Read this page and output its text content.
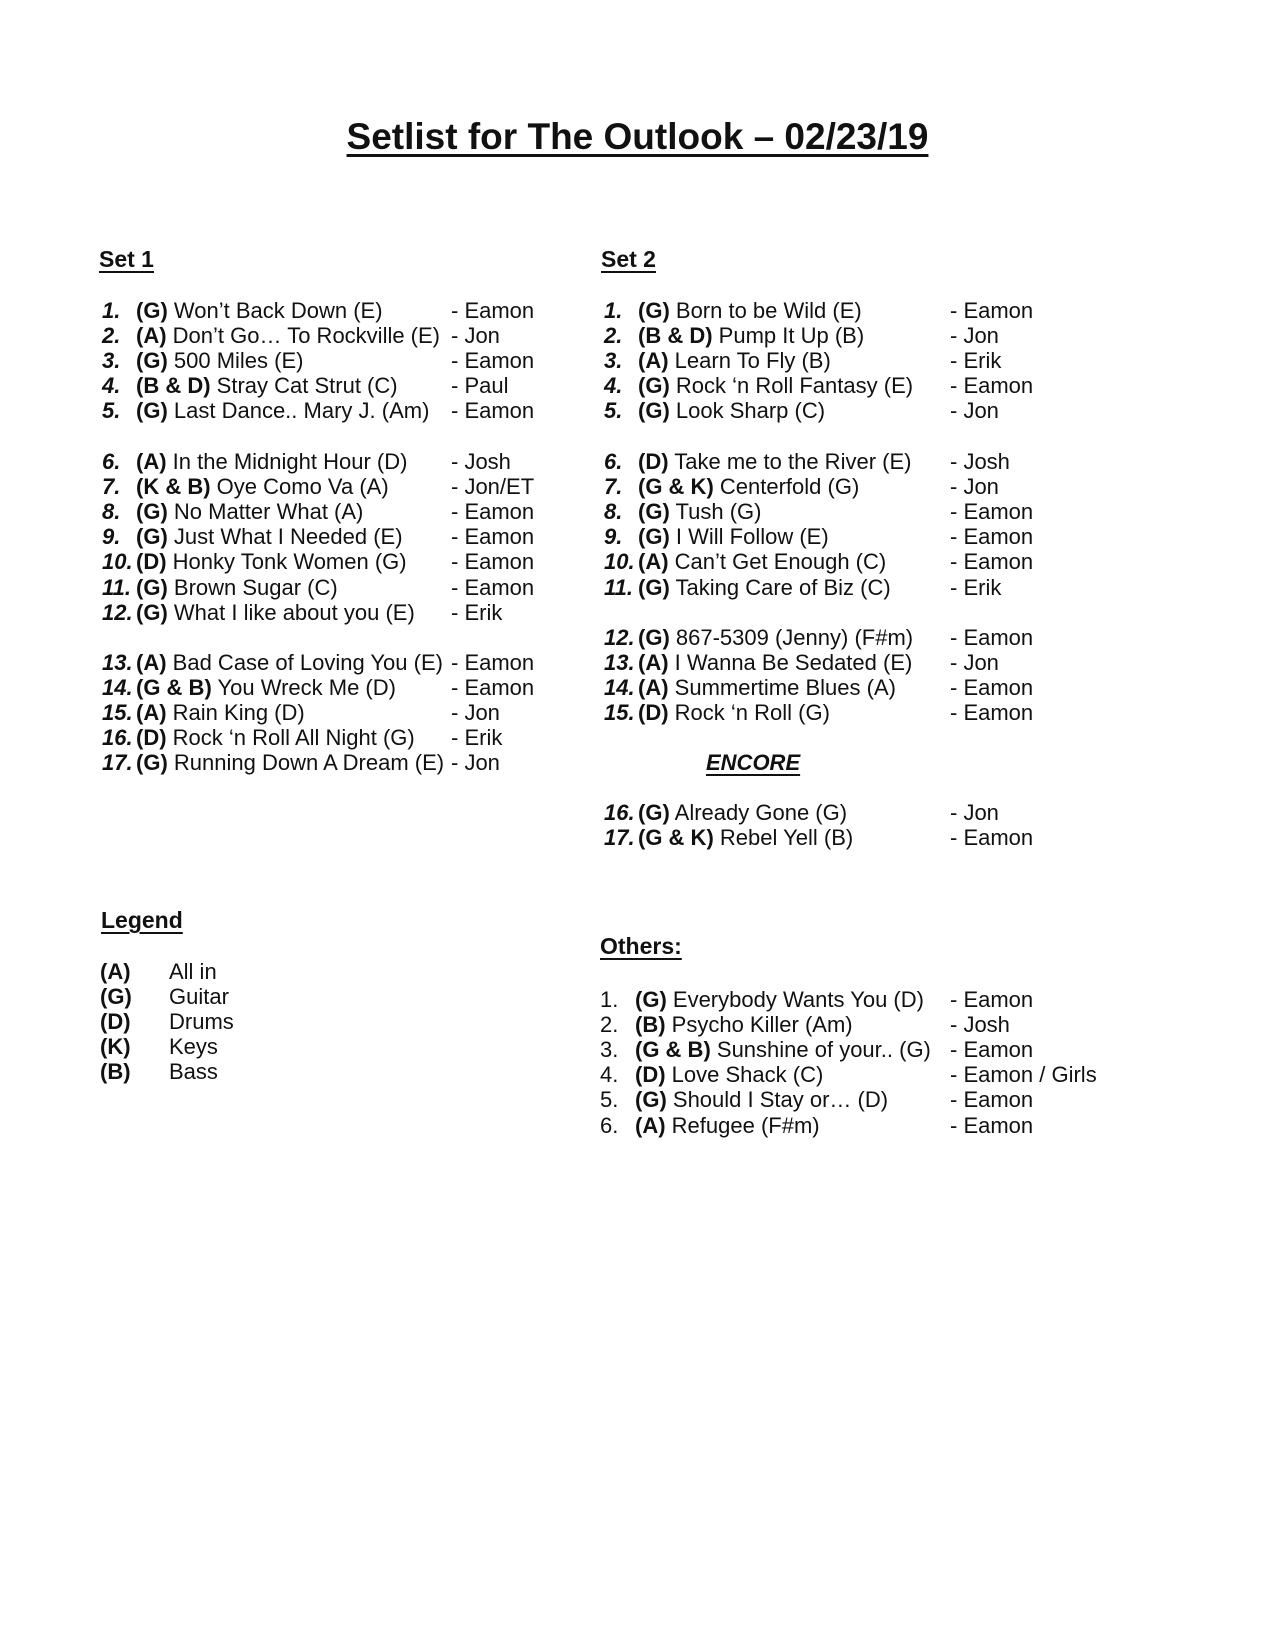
Setlist for The Outlook – 02/23/19
Set 1
1. (G) Won’t Back Down (E)	- Eamon
2. (A) Don’t Go… To Rockville (E) - Jon
3. (G) 500 Miles (E)	- Eamon
4. (B & D) Stray Cat Strut (C) - Paul
5. (G) Last Dance.. Mary J. (Am) - Eamon
6. (A) In the Midnight Hour (D) - Josh
7. (K & B) Oye Como Va (A)	- Jon/ET
8. (G) No Matter What (A)	- Eamon
9. (G) Just What I Needed (E) - Eamon
10. (D) Honky Tonk Women (G) - Eamon
11. (G) Brown Sugar (C)	- Eamon
12. (G) What I like about you (E) - Erik
13. (A) Bad Case of Loving You (E) - Eamon
14. (G & B) You Wreck Me (D)	- Eamon
15. (A) Rain King (D)	- Jon
16. (D) Rock ‘n Roll All Night (G) - Erik
17. (G) Running Down A Dream (E) - Jon
Set 2
1. (G) Born to be Wild (E)	- Eamon
2. (B & D) Pump It Up (B)	- Jon
3. (A) Learn To Fly (B)	- Erik
4. (G) Rock ‘n Roll Fantasy (E) - Eamon
5. (G) Look Sharp (C)	- Jon
6. (D) Take me to the River (E) - Josh
7. (G & K) Centerfold (G)	- Jon
8. (G) Tush (G)	- Eamon
9. (G) I Will Follow (E)	- Eamon
10. (A) Can’t Get Enough (C)	- Eamon
11. (G) Taking Care of Biz (C)	- Erik
12. (G) 867-5309 (Jenny) (F#m) - Eamon
13. (A) I Wanna Be Sedated (E) - Jon
14. (A) Summertime Blues (A) - Eamon
15. (D) Rock ‘n Roll (G)	- Eamon
ENCORE
16. (G) Already Gone (G)	- Jon
17. (G & K) Rebel Yell (B)	- Eamon
Legend
(A) All in
(G) Guitar
(D) Drums
(K) Keys
(B) Bass
Others:
1. (G) Everybody Wants You (D) - Eamon
2. (B) Psycho Killer (Am)	- Josh
3. (G & B) Sunshine of your.. (G) - Eamon
4. (D) Love Shack (C)	- Eamon / Girls
5. (G) Should I Stay or… (D)	- Eamon
6. (A) Refugee (F#m)	- Eamon
